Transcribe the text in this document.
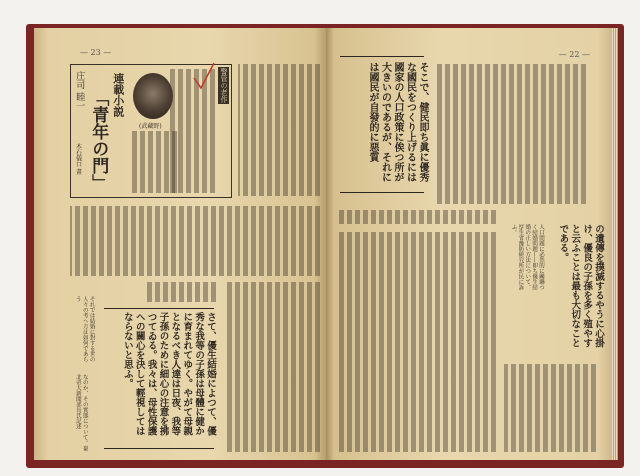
— 23 —
警管の老作
(武藏野)
連載小説
「青年の門」
庄司 睦一
木石儀口 畫
さて、優生結婚によつて、優秀な我等の子孫は母體に健かに育まれてゆく。やがて母親となるべき人達は日夜、我等子孫のために細心の注意を拂つてゐる。我々は、母性保護への關心を決して輕視してはならないと思ふ。
それでは結婚に對する世の人々の考へ方は如何であらう
なのか、その實態について。臺北帝大新聞部長氏記述
— 22 —
そこで、健民即ち眞に優秀な國民をつくり上げるには國家の人口政策に俟つ所が大きいのであるが、それには國民が自發的に惡質
の遺傳を撲滅するやうに心掛け、優良の子孫を多く殖やすと云ふことは最も大切なことである。
人口問題に必然的に關聯つく結婚問題——即ち優生結婚の正しい方法について、厚生省豫防研究所が民に訴ふ。
